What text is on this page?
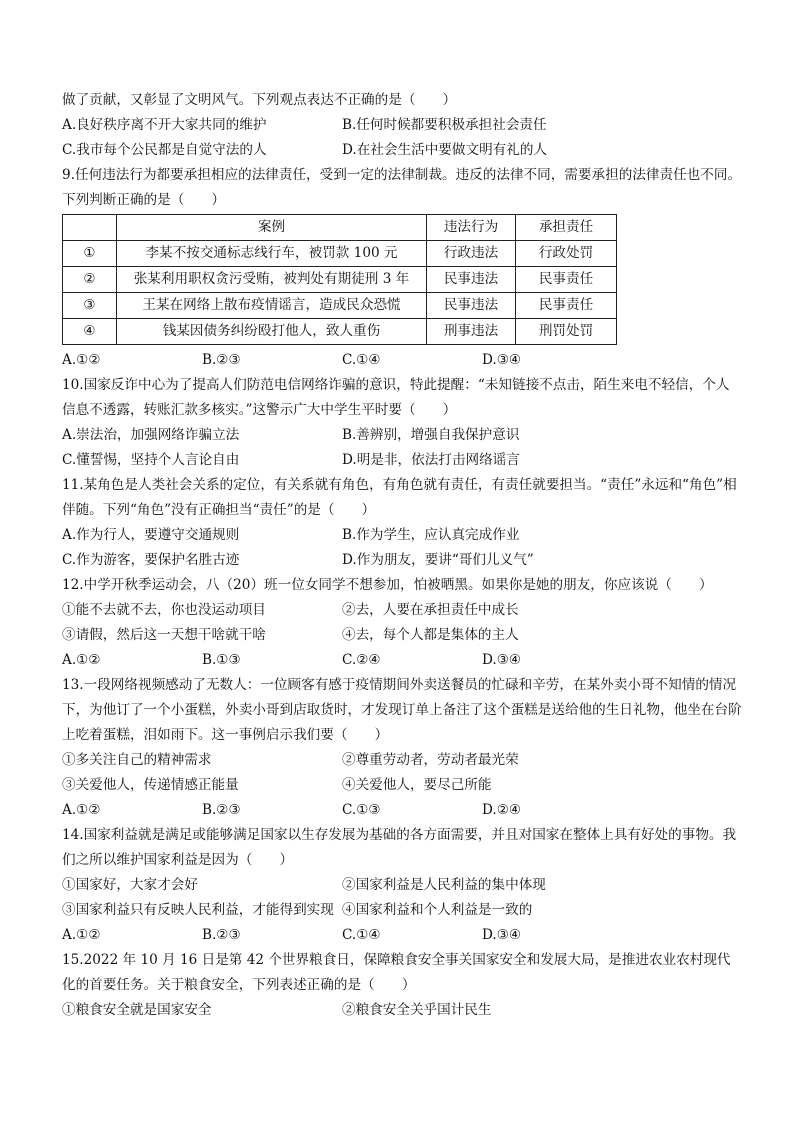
做了贡献，又彰显了文明风气。下列观点表达不正确的是（　　）
A.良好秩序离不开大家共同的维护	B.任何时候都要积极承担社会责任
C.我市每个公民都是自觉守法的人	D.在社会生活中要做文明有礼的人
9.任何违法行为都要承担相应的法律责任，受到一定的法律制裁。违反的法律不同，需要承担的法律责任也不同。下列判断正确的是（　　）
	案例	违法行为	承担责任
①	李某不按交通标志线行车，被罚款 100 元	行政违法	行政处罚
②	张某利用职权贪污受贿，被判处有期徒刑 3 年	民事违法	民事责任
③	王某在网络上散布疫情谣言，造成民众恐慌	民事违法	民事责任
④	钱某因债务纠纷殴打他人，致人重伤	刑事违法	刑罚处罚
A.①②	B.②③	C.①④	D.③④
10.国家反诈中心为了提高人们防范电信网络诈骗的意识，特此提醒：“未知链接不点击，陌生来电不轻信，个人信息不透露，转账汇款多核实。”这警示广大中学生平时要（　　）
A.崇法治，加强网络诈骗立法	B.善辨别，增强自我保护意识
C.懂誓惕，坚持个人言论自由	D.明是非，依法打击网络谣言
11.某角色是人类社会关系的定位，有关系就有角色，有角色就有责任，有责任就要担当。“责任”永远和“角色”相伴随。下列“角色”没有正确担当“责任”的是（　　）
A.作为行人，要遵守交通规则	B.作为学生，应认真完成作业
C.作为游客，要保护名胜古迹	D.作为朋友，要讲“哥们儿义气”
12.中学开秋季运动会，八（20）班一位女同学不想参加，怕被晒黑。如果你是她的朋友，你应该说（　　）
①能不去就不去，你也没运动项目	②去，人要在承担责任中成长
③请假，然后这一天想干啥就干啥	④去，每个人都是集体的主人
A.①②	B.①③	C.②④	D.③④
13.一段网络视频感动了无数人：一位顾客有感于疫情期间外卖送餐员的忙碌和辛劳，在某外卖小哥不知情的情况下，为他订了一个小蛋糕，外卖小哥到店取货时，才发现订单上备注了这个蛋糕是送给他的生日礼物，他坐在台阶上吃着蛋糕，泪如雨下。这一事例启示我们要（　　）
①多关注自己的精神需求	②尊重劳动者，劳动者最光荣
③关爱他人，传递情感正能量	④关爱他人，要尽己所能
A.①②	B.②③	C.①③	D.②④
14.国家利益就是满足或能够满足国家以生存发展为基础的各方面需要，并且对国家在整体上具有好处的事物。我们之所以维护国家利益是因为（　　）
①国家好，大家才会好	②国家利益是人民利益的集中体现
③国家利益只有反映人民利益，才能得到实现 ④国家利益和个人利益是一致的
A.①②	B.②③	C.①④	D.③④
15.2022 年 10 月 16 日是第 42 个世界粮食日，保障粮食安全事关国家安全和发展大局，是推进农业农村现代化的首要任务。关于粮食安全，下列表述正确的是（　　）
①粮食安全就是国家安全	②粮食安全关乎国计民生
